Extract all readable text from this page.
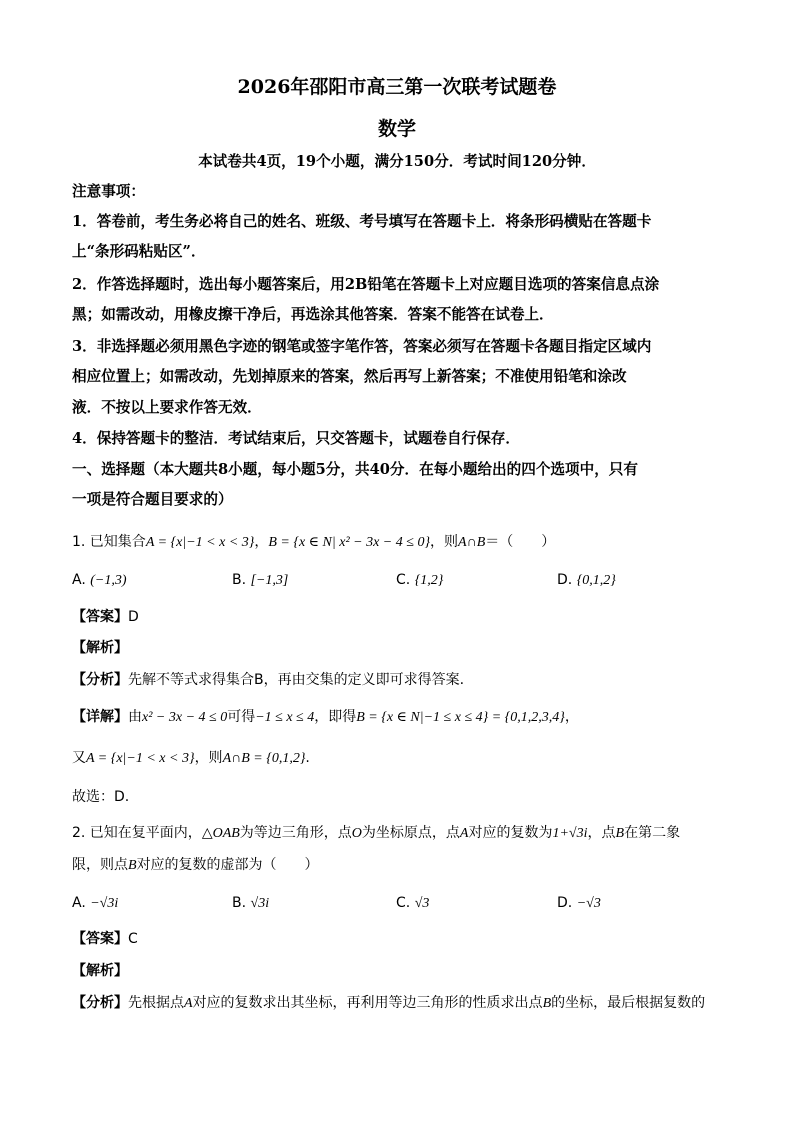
2026年邵阳市高三第一次联考试题卷
数学
本试卷共4页，19个小题，满分150分．考试时间120分钟．
注意事项：
1．答卷前，考生务必将自己的姓名、班级、考号填写在答题卡上．将条形码横贴在答题卡
上“条形码粘贴区”．
2．作答选择题时，选出每小题答案后，用2B铅笔在答题卡上对应题目选项的答案信息点涂
黑；如需改动，用橡皮擦干净后，再选涂其他答案．答案不能答在试卷上．
3．非选择题必须用黑色字迹的钢笔或签字笔作答，答案必须写在答题卡各题目指定区域内
相应位置上；如需改动，先划掉原来的答案，然后再写上新答案；不准使用铅笔和涂改
液．不按以上要求作答无效．
4．保持答题卡的整洁．考试结束后，只交答题卡，试题卷自行保存．
一、选择题（本大题共8小题，每小题5分，共40分．在每小题给出的四个选项中，只有
一项是符合题目要求的）
1. 已知集合A = {x|−1 < x < 3}，B = {x ∈ N| x² − 3x − 4 ≤ 0}，则A∩B＝（　　）
A. (−1,3)	B. [−1,3]	C. {1,2}	D. {0,1,2}
【答案】D
【解析】
【分析】先解不等式求得集合B，再由交集的定义即可求得答案.
【详解】由x² − 3x − 4 ≤ 0可得−1 ≤ x ≤ 4，即得B = {x ∈ N|−1 ≤ x ≤ 4} = {0,1,2,3,4}，
又A = {x|−1 < x < 3}，则A∩B = {0,1,2}.
故选：D.
2. 已知在复平面内，△OAB为等边三角形，点O为坐标原点，点A对应的复数为1+√3i，点B在第二象
限，则点B对应的复数的虚部为（　　）
A. −√3i	B. √3i	C. √3	D. −√3
【答案】C
【解析】
【分析】先根据点A对应的复数求出其坐标，再利用等边三角形的性质求出点B的坐标，最后根据复数的
